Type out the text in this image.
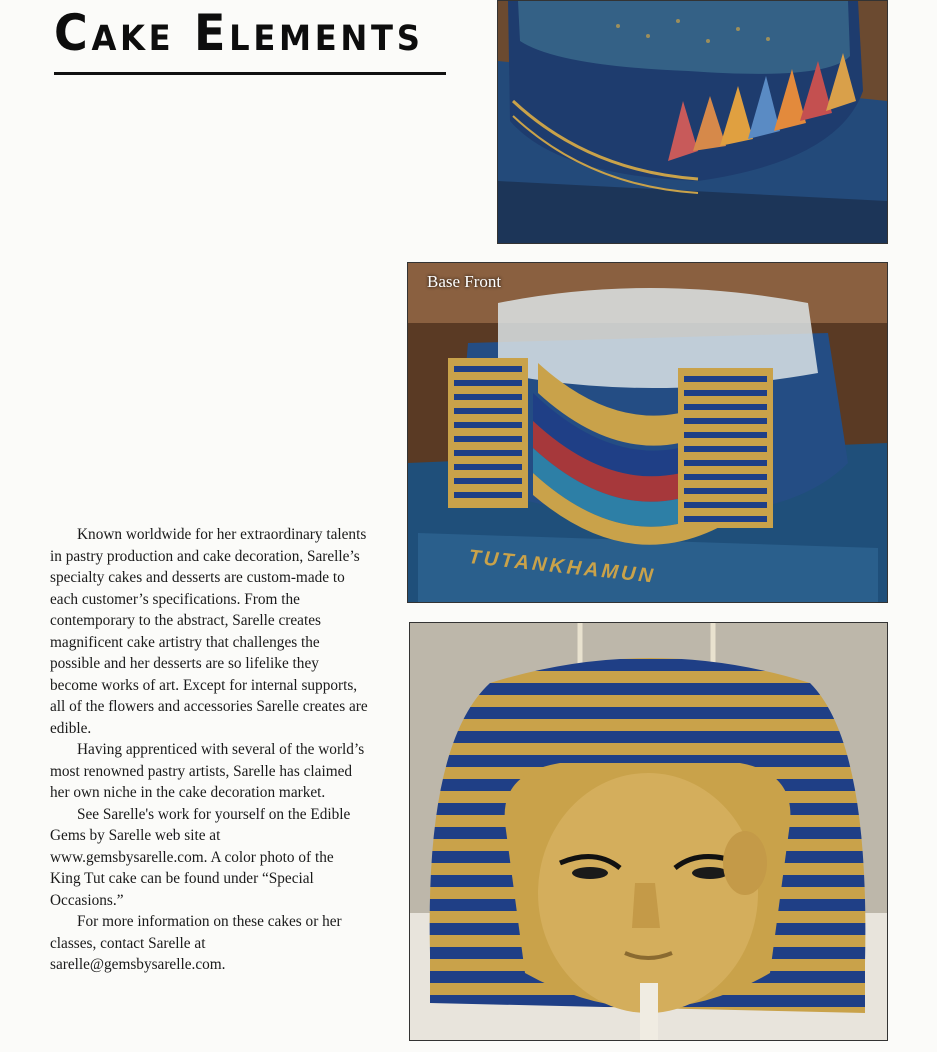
Cake Elements
TUTANKHAMUN
Base Front

Known worldwide for her extraordinary talents in pastry production and cake decoration, Sarelle’s specialty cakes and desserts are custom-made to each customer’s specifications. From the contemporary to the abstract, Sarelle creates magnificent cake artistry that challenges the possible and her desserts are so lifelike they become works of art. Except for internal supports, all of the flowers and accessories Sarelle creates are edible.

Having apprenticed with several of the world’s most renowned pastry artists, Sarelle has claimed her own niche in the cake decoration market.

See Sarelle's work for yourself on the Edible Gems by Sarelle web site at www.gemsbysarelle.com. A color photo of the King Tut cake can be found under “Special Occasions.”

For more information on these cakes or her classes, contact Sarelle at sarelle@gemsbysarelle.com.
